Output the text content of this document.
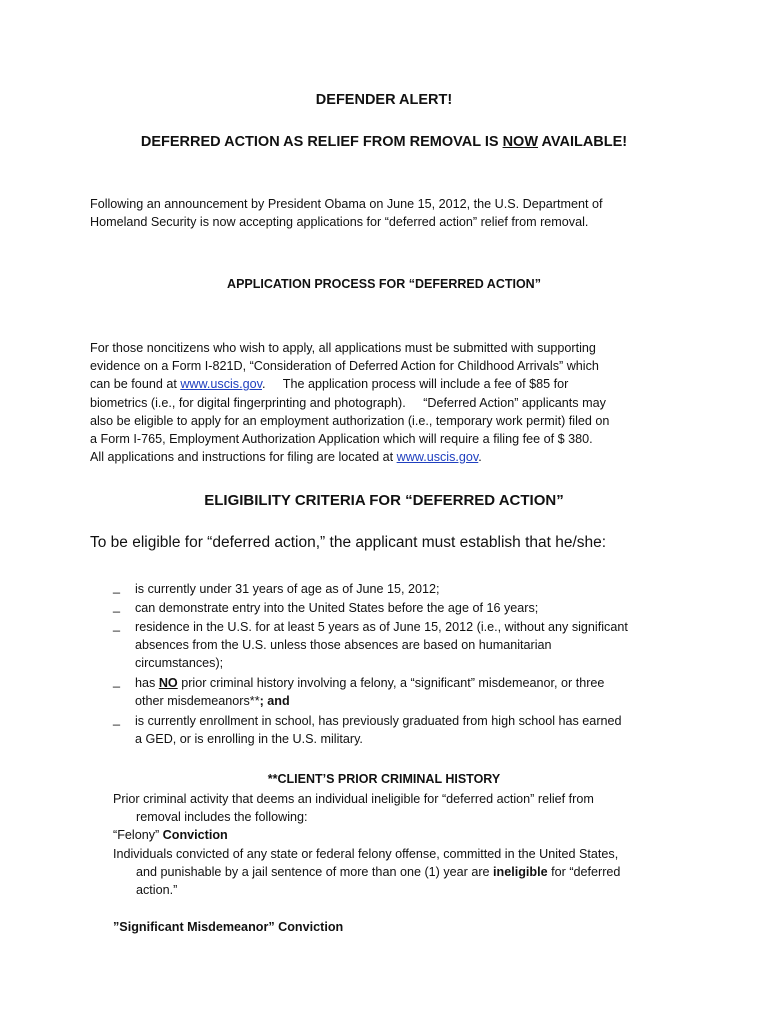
DEFENDER ALERT!
DEFERRED ACTION AS RELIEF FROM REMOVAL IS NOW AVAILABLE!
Following an announcement by President Obama on June 15, 2012, the U.S. Department of
Homeland Security is now accepting applications for “deferred action” relief from removal.
APPLICATION PROCESS FOR “DEFERRED ACTION”
For those noncitizens who wish to apply, all applications must be submitted with supporting
evidence on a Form I-821D, “Consideration of Deferred Action for Childhood Arrivals” which
can be found at www.uscis.gov.     The application process will include a fee of $85 for
biometrics (i.e., for digital fingerprinting and photograph).     “Deferred Action” applicants may
also be eligible to apply for an employment authorization (i.e., temporary work permit) filed on
a Form I-765, Employment Authorization Application which will require a filing fee of $ 380.
All applications and instructions for filing are located at www.uscis.gov.
ELIGIBILITY CRITERIA FOR “DEFERRED ACTION”
To be eligible for “deferred action,” the applicant must establish that he/she:
_	is currently under 31 years of age as of June 15, 2012;
_	can demonstrate entry into the United States before the age of 16 years;
_	residence in the U.S. for at least 5 years as of June 15, 2012 (i.e., without any significant
absences from the U.S. unless those absences are based on humanitarian
circumstances);
_	has NO prior criminal history involving a felony, a “significant” misdemeanor, or three
other misdemeanors**; and
_	is currently enrollment in school, has previously graduated from high school has earned
a GED, or is enrolling in the U.S. military.
**CLIENT’S PRIOR CRIMINAL HISTORY
Prior criminal activity that deems an individual ineligible for “deferred action” relief from
removal includes the following:
“Felony” Conviction
Individuals convicted of any state or federal felony offense, committed in the United States,
and punishable by a jail sentence of more than one (1) year are ineligible for “deferred
action.”
”Significant Misdemeanor” Conviction
